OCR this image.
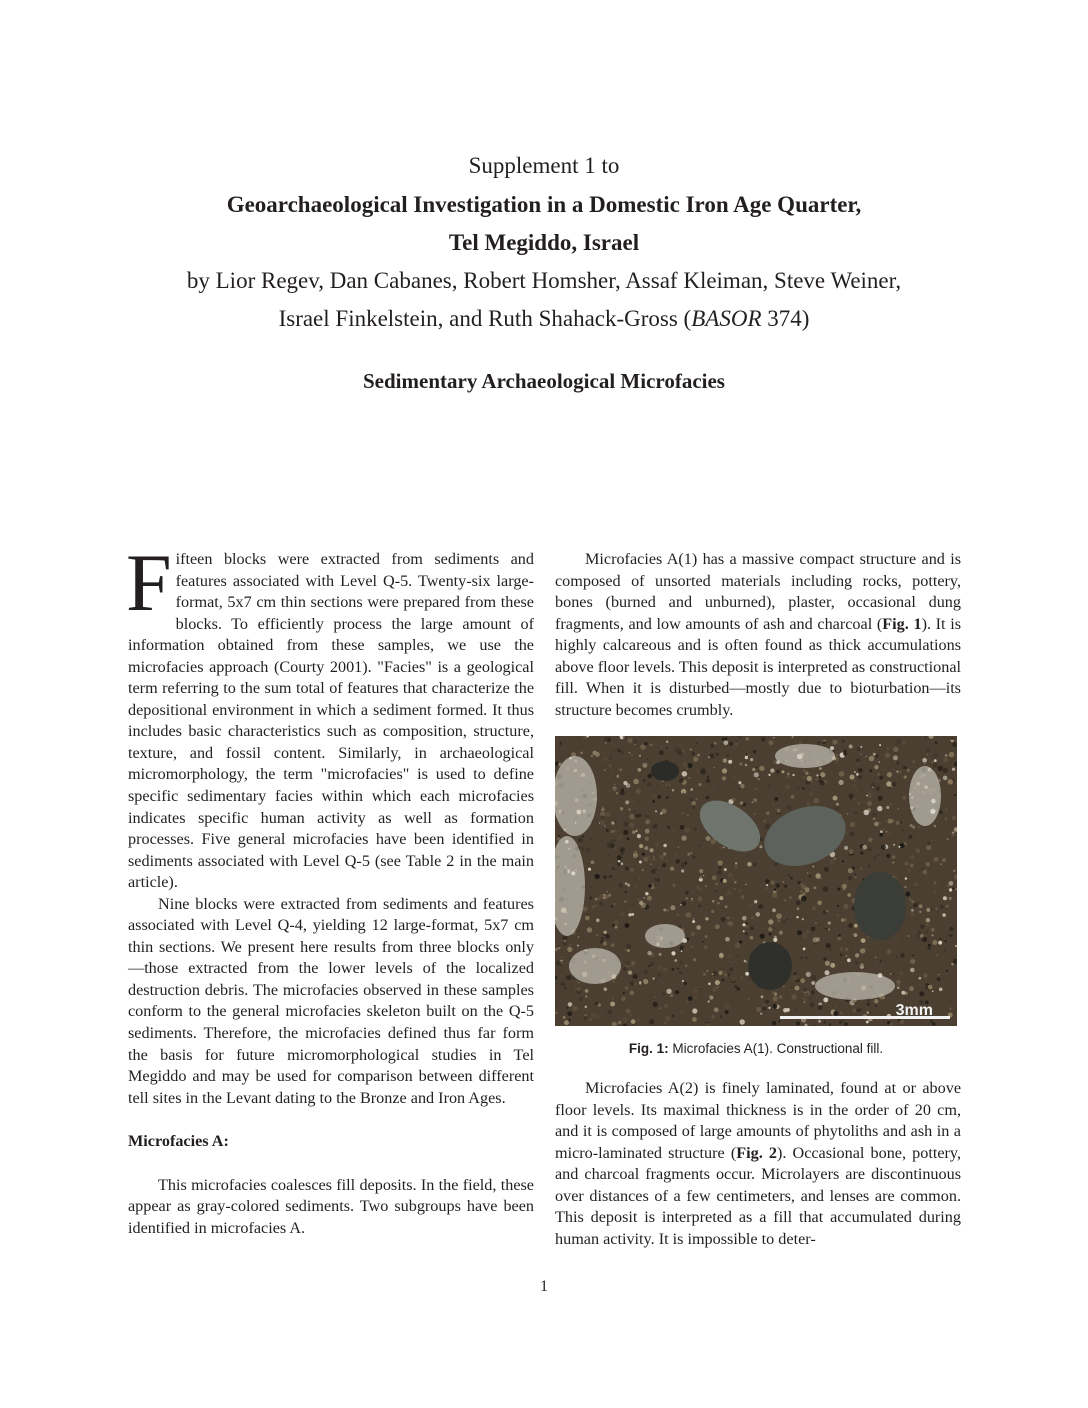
Supplement 1 to
Geoarchaeological Investigation in a Domestic Iron Age Quarter,
Tel Megiddo, Israel
by Lior Regev, Dan Cabanes, Robert Homsher, Assaf Kleiman, Steve Weiner,
Israel Finkelstein, and Ruth Shahack-Gross (BASOR 374)
Sedimentary Archaeological Microfacies

Fifteen blocks were extracted from sediments and features associated with Level Q-5. Twenty-six large-format, 5x7 cm thin sections were prepared from these blocks. To efficiently process the large amount of information obtained from these samples, we use the microfacies approach (Courty 2001). "Facies" is a geological term referring to the sum total of features that characterize the depositional environment in which a sediment formed. It thus includes basic characteristics such as composition, structure, texture, and fossil content. Similarly, in archaeological micromorphology, the term "microfacies" is used to define specific sedimentary facies within which each microfacies indicates specific human activity as well as formation processes. Five general microfacies have been identified in sediments associated with Level Q-5 (see Table 2 in the main article).

Nine blocks were extracted from sediments and features associated with Level Q-4, yielding 12 large-format, 5x7 cm thin sections. We present here results from three blocks only—those extracted from the lower levels of the localized destruction debris. The microfacies observed in these samples conform to the general microfacies skeleton built on the Q-5 sediments. Therefore, the microfacies defined thus far form the basis for future micromorphological studies in Tel Megiddo and may be used for comparison between different tell sites in the Levant dating to the Bronze and Iron Ages.

Microfacies A:

This microfacies coalesces fill deposits. In the field, these appear as gray-colored sediments. Two subgroups have been identified in microfacies A.

Microfacies A(1) has a massive compact structure and is composed of unsorted materials including rocks, pottery, bones (burned and unburned), plaster, occasional dung fragments, and low amounts of ash and charcoal (Fig. 1). It is highly calcareous and is often found as thick accumulations above floor levels. This deposit is interpreted as constructional fill. When it is disturbed—mostly due to bioturbation—its structure becomes crumbly.

3mm
Fig. 1: Microfacies A(1). Constructional fill.

Microfacies A(2) is finely laminated, found at or above floor levels. Its maximal thickness is in the order of 20 cm, and it is composed of large amounts of phytoliths and ash in a micro-laminated structure (Fig. 2). Occasional bone, pottery, and charcoal fragments occur. Microlayers are discontinuous over distances of a few centimeters, and lenses are common. This deposit is interpreted as a fill that accumulated during human activity. It is impossible to deter-

1
